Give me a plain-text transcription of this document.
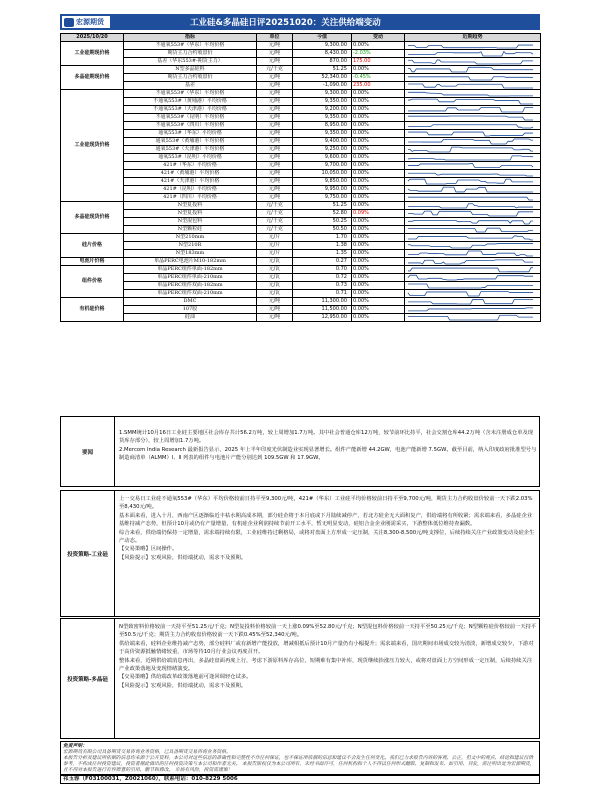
宏源期货	工业硅&多晶硅日评20251020：关注供给端变动
2025/10/20	指标	单位	今值	变动	近期趋势
工业硅期现价格	不通氧553#（华东）平均价格	元/吨	9,300.00	0.00%	

	期货主力合约收盘价	元/吨	8,430.00	-2.03%	

	基差（华东553#-期货主力）	元/吨	870.00	175.00	

多晶硅期现价格	N型多晶硅料	元/千克	51.25	0.00%	

	期货主力合约收盘价	元/吨	52,340.00	-0.45%	

	基差	元/吨	-1,090.00	235.00	

工业硅现货价格	不通氧553#（华东）平均价格	元/吨	9,300.00	0.00%	

	不通氧553#（黄埔港）平均价格	元/吨	9,350.00	0.00%	

	不通氧553#（天津港）平均价格	元/吨	9,200.00	0.00%	

	不通氧553#（昆明）平均价格	元/吨	9,350.00	0.00%	

	不通氧553#（四川）平均价格	元/吨	8,950.00	0.00%	

	通氧553#（华东）平均价格	元/吨	9,350.00	0.00%	

	通氧553#（黄埔港）平均价格	元/吨	9,400.00	0.00%	

	通氧553#（天津港）平均价格	元/吨	9,250.00	0.00%	

	通氧553#（昆明）平均价格	元/吨	9,600.00	0.00%	

	421#（华东）平均价格	元/吨	9,700.00	0.00%	

	421#（黄埔港）平均价格	元/吨	10,050.00	0.00%	

	421#（天津港）平均价格	元/吨	9,850.00	0.00%	

	421#（昆明）平均价格	元/吨	9,950.00	0.00%	

	421#（四川）平均价格	元/吨	9,750.00	0.00%	

多晶硅现货价格	N型复投料	元/千克	51.25	0.00%	

	N型复投料	元/千克	52.80	0.09%	

	N型混包料	元/千克	50.25	0.00%	

	N型颗粒硅	元/千克	50.50	0.00%	

硅片价格	N型210mm	元/片	1.70	0.00%	

	N型210R	元/片	1.38	0.00%	

	N型183mm	元/片	1.35	0.00%	

电池片价格	单晶PERC电池片M10-182mm	元/瓦	0.27	0.00%	

组件价格	单晶PERC组件单面-182mm	元/瓦	0.70	0.00%	

	单晶PERC组件单面-210mm	元/瓦	0.72	0.00%	

	单晶PERC组件双面-182mm	元/瓦	0.73	0.00%	

	单晶PERC组件双面-210mm	元/瓦	0.71	0.00%	

有机硅价格	DMC	元/吨	11,300.00	0.00%	

	107胶	元/吨	11,500.00	0.00%	

	硅油	元/吨	12,950.00	0.00%	
要闻

1.SMM统计10月16日工业硅主要地区社会库存共计56.2万吨，较上周增加1.7万吨。其中社会普通仓库12万吨，较节前环比持平，社会交割仓库44.2万吨（含未注册成仓单及现货库存部分），较上周增加1.7万吨。

2.Mercom India Research 最新报告显示，2025 年上半年印度光伏制造业实现显著增长。组件产能新增 44.2GW，电池产能新增 7.5GW。截至目前，纳入印度政府批准型号与制造商清单（ALMM）Ⅰ、Ⅱ 列表的组件与电池片产能分别达到 109.5GW 和 17.9GW。

投资策略-工业硅

上一交易日工业硅不通氧553#（华东）平均价格较前日持平至9,300元/吨，421#（华东）工业硅平均价格较前日持平至9,700元/吨，期货主力合约收盘价较前一天下跌2.03%至8,430元/吨。

基本面来看，进入十月，西南产区逐渐临近丰枯水期高成本期，部分硅企将于本月底或下月陆续减停产，若北方硅企无大面积复产，供给端将有所收紧；需求端来看，多晶硅企业基维持减产态势，但预计10月或仍有产量增量，有机硅企业利润持续节前开工水平，暂无明显变动，硅铝合金企业刚需采买，下游整体低位维持查漏数。

综合来看，供给端仍保持一定增量，需求端持续有限，工业硅维持过剩格局，或将对盘面上方形成一定压制，关注8,300-8,500元/吨支撑位，后续持续关注产业政策变动及硅企生产动态。

【交易策略】区间操作。

【风险提示】宏观风险，供给端扰动，需求不及预期。

投资策略-多晶硅

N型致密料价格较前一天持平至51.25元/千克；N型复投料价格较前一天上涨0.09%至52.80元/千克；N型混包料价格较前一天持平至50.25元/千克；N型颗粒硅价格较前一天持平至50.5元/千克；期货主力合约收盘价格较前一天下跌0.45%至52,340元/吨。

供给端来看，硅料企业维持减产态势，部分硅料厂或有新增产能投放，增减相抵后预计10月产量仍有小幅提升；需求端来看，国庆期间市场成交较为清淡，新增成交较少，下游对于高价资源抵触情绪较重，市场等待10月行业会议再度召开。

整体来看，近期供给端消息再出，多晶硅盘面再度上行，考虑下游原料库存高位，短期难有集中补库，现货继续抬涨压力较大，或将对盘面上方空间形成一定压制，后续持续关注产业政策落地及变现情绪演变。

【交易策略】供给端改革政策落地前可逢回调轻仓试多。

【风险提示】宏观风险，供给端扰动，需求不及预期。

免责声明：
宏源期货有限公司具备期货交易咨询业务资格，已具备期货交易咨询业务资格。
本报告分析及建议所依据的信息均来源于公开资料，本公司对这些信息的准确性和完整性不作任何保证，也不保证所依据的信息和建议不会发生任何变化。我们已力求报告内容的客观、公正，但文中的观点、结论和建议仅供参考，不构成任何投资建议，投资者据此做出的任何投资决策与本公司和作者无关。 本报告版权仅为本公司所有，未经书面许可，任何机构和个人不得以任何形式翻版、复制和发布。如引用、刊发，需注明出处为宏源期货，且不得对本报告进行有悖原意的引用、删节和修改。 市场有风险，投资需谨慎！
祁玉蓉（F03100031，Z0021060），联系电话：010-8229 5006
